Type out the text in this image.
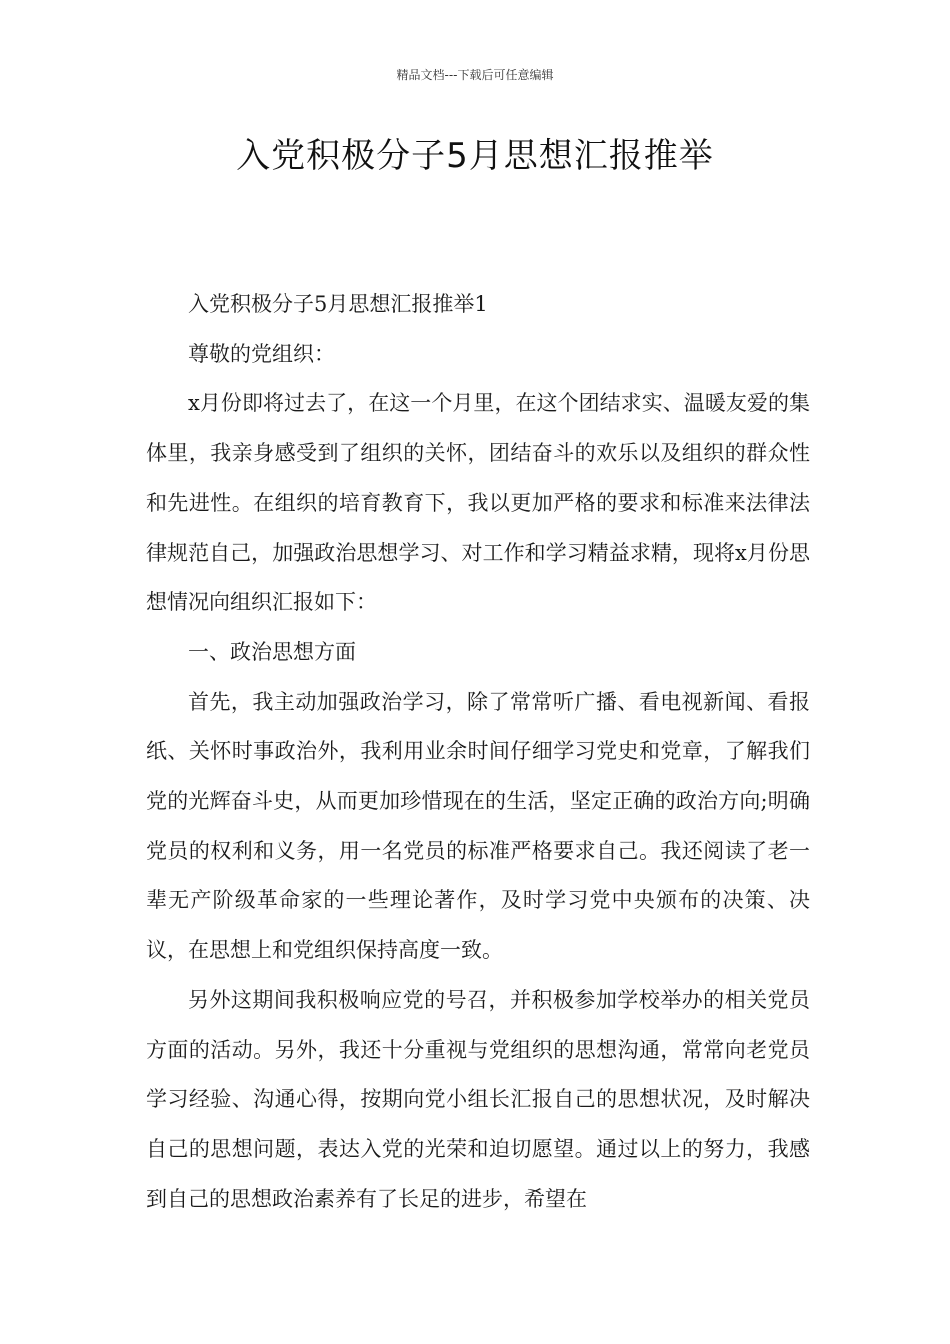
精品文档---下载后可任意编辑
入党积极分子5月思想汇报推举

入党积极分子5月思想汇报推举1

尊敬的党组织：

x月份即将过去了，在这一个月里，在这个团结求实、温暖友爱的集体里，我亲身感受到了组织的关怀，团结奋斗的欢乐以及组织的群众性和先进性。在组织的培育教育下，我以更加严格的要求和标准来法律法律规范自己，加强政治思想学习、对工作和学习精益求精，现将x月份思想情况向组织汇报如下：

一、政治思想方面

首先，我主动加强政治学习，除了常常听广播、看电视新闻、看报纸、关怀时事政治外，我利用业余时间仔细学习党史和党章，了解我们党的光辉奋斗史，从而更加珍惜现在的生活，坚定正确的政治方向;明确党员的权利和义务，用一名党员的标准严格要求自己。我还阅读了老一辈无产阶级革命家的一些理论著作，及时学习党中央颁布的决策、决议，在思想上和党组织保持高度一致。

另外这期间我积极响应党的号召，并积极参加学校举办的相关党员方面的活动。另外，我还十分重视与党组织的思想沟通，常常向老党员学习经验、沟通心得，按期向党小组长汇报自己的思想状况，及时解决自己的思想问题，表达入党的光荣和迫切愿望。通过以上的努力，我感到自己的思想政治素养有了长足的进步，希望在
